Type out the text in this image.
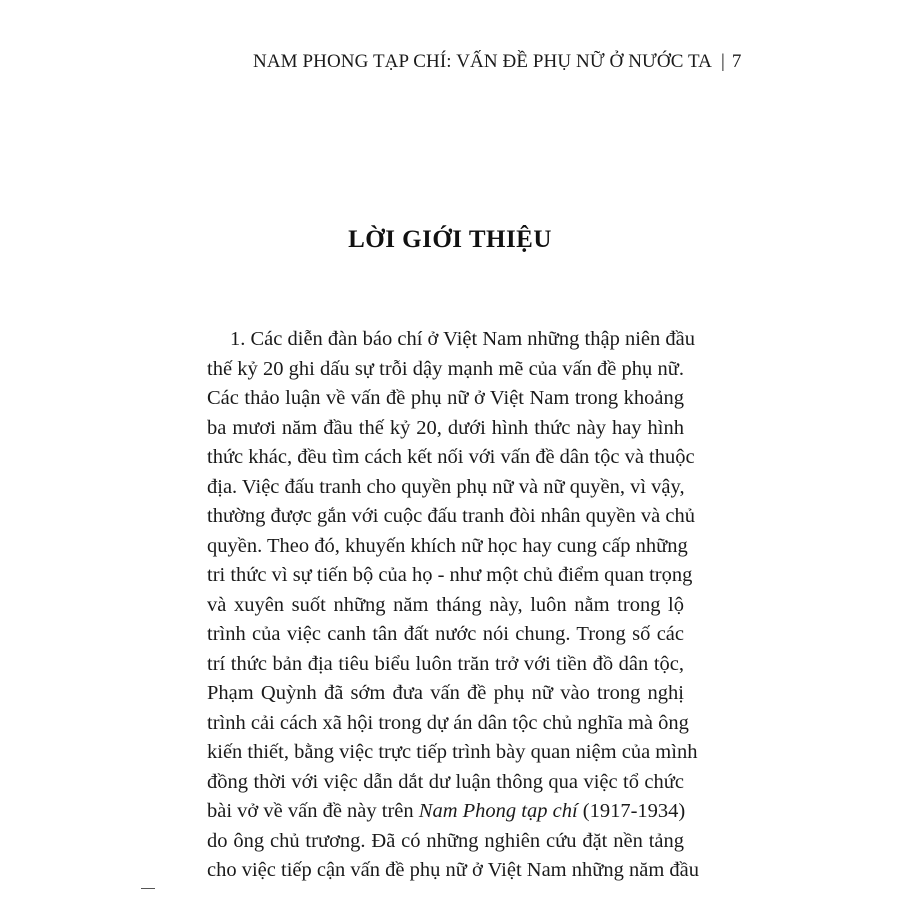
NAM PHONG TẠP CHÍ: VẤN ĐỀ PHỤ NỮ Ở NƯỚC TA | 7
LỜI GIỚI THIỆU
1. Các diễn đàn báo chí ở Việt Nam những thập niên đầu
thế kỷ 20 ghi dấu sự trỗi dậy mạnh mẽ của vấn đề phụ nữ.
Các thảo luận về vấn đề phụ nữ ở Việt Nam trong khoảng
ba mươi năm đầu thế kỷ 20, dưới hình thức này hay hình
thức khác, đều tìm cách kết nối với vấn đề dân tộc và thuộc
địa. Việc đấu tranh cho quyền phụ nữ và nữ quyền, vì vậy,
thường được gắn với cuộc đấu tranh đòi nhân quyền và chủ
quyền. Theo đó, khuyến khích nữ học hay cung cấp những
tri thức vì sự tiến bộ của họ - như một chủ điểm quan trọng
và xuyên suốt những năm tháng này, luôn nằm trong lộ
trình của việc canh tân đất nước nói chung. Trong số các
trí thức bản địa tiêu biểu luôn trăn trở với tiền đồ dân tộc,
Phạm Quỳnh đã sớm đưa vấn đề phụ nữ vào trong nghị
trình cải cách xã hội trong dự án dân tộc chủ nghĩa mà ông
kiến thiết, bằng việc trực tiếp trình bày quan niệm của mình
đồng thời với việc dẫn dắt dư luận thông qua việc tổ chức
bài vở về vấn đề này trên Nam Phong tạp chí (1917-1934)
do ông chủ trương. Đã có những nghiên cứu đặt nền tảng
cho việc tiếp cận vấn đề phụ nữ ở Việt Nam những năm đầu
